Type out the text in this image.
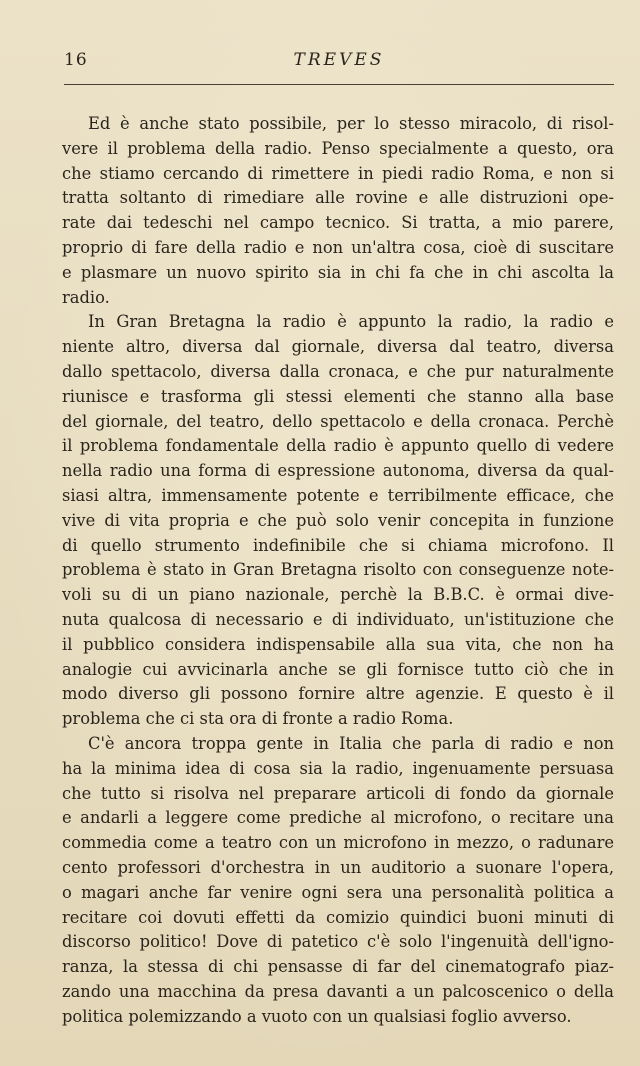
16	TREVES
Ed è anche stato possibile, per lo stesso miracolo, di risol-
vere il problema della radio. Penso specialmente a questo, ora
che stiamo cercando di rimettere in piedi radio Roma, e non si
tratta soltanto di rimediare alle rovine e alle distruzioni ope-
rate dai tedeschi nel campo tecnico. Si tratta, a mio parere,
proprio di fare della radio e non un'altra cosa, cioè di suscitare
e plasmare un nuovo spirito sia in chi fa che in chi ascolta la
radio.
In Gran Bretagna la radio è appunto la radio, la radio e
niente altro, diversa dal giornale, diversa dal teatro, diversa
dallo spettacolo, diversa dalla cronaca, e che pur naturalmente
riunisce e trasforma gli stessi elementi che stanno alla base
del giornale, del teatro, dello spettacolo e della cronaca. Perchè
il problema fondamentale della radio è appunto quello di vedere
nella radio una forma di espressione autonoma, diversa da qual-
siasi altra, immensamente potente e terribilmente efficace, che
vive di vita propria e che può solo venir concepita in funzione
di quello strumento indefinibile che si chiama microfono. Il
problema è stato in Gran Bretagna risolto con conseguenze note-
voli su di un piano nazionale, perchè la B.B.C. è ormai dive-
nuta qualcosa di necessario e di individuato, un'istituzione che
il pubblico considera indispensabile alla sua vita, che non ha
analogie cui avvicinarla anche se gli fornisce tutto ciò che in
modo diverso gli possono fornire altre agenzie. E questo è il
problema che ci sta ora di fronte a radio Roma.
C'è ancora troppa gente in Italia che parla di radio e non
ha la minima idea di cosa sia la radio, ingenuamente persuasa
che tutto si risolva nel preparare articoli di fondo da giornale
e andarli a leggere come prediche al microfono, o recitare una
commedia come a teatro con un microfono in mezzo, o radunare
cento professori d'orchestra in un auditorio a suonare l'opera,
o magari anche far venire ogni sera una personalità politica a
recitare coi dovuti effetti da comizio quindici buoni minuti di
discorso politico! Dove di patetico c'è solo l'ingenuità dell'igno-
ranza, la stessa di chi pensasse di far del cinematografo piaz-
zando una macchina da presa davanti a un palcoscenico o della
politica polemizzando a vuoto con un qualsiasi foglio avverso.
